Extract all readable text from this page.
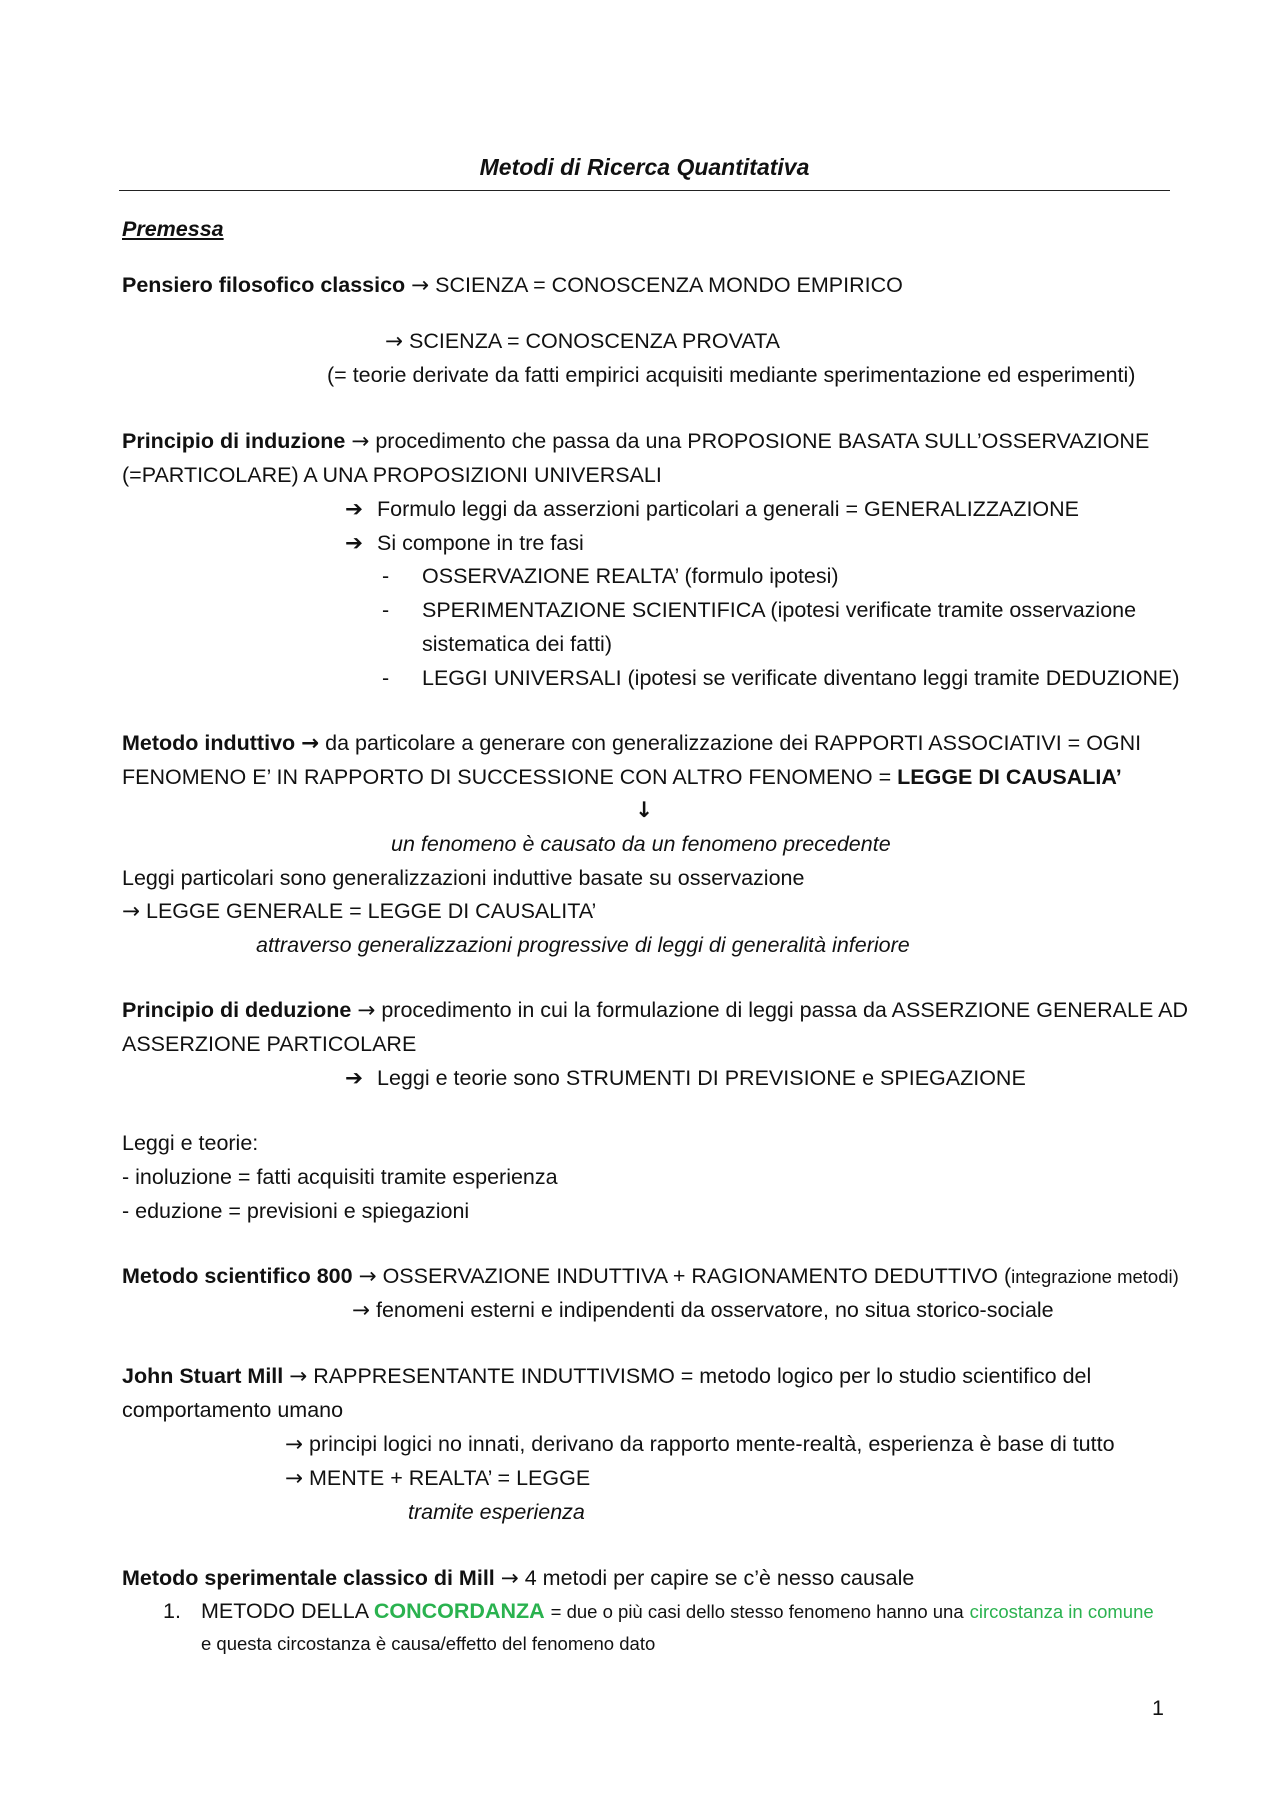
Metodi di Ricerca Quantitativa
Premessa
Pensiero filosofico classico → SCIENZA = CONOSCENZA MONDO EMPIRICO
→ SCIENZA = CONOSCENZA PROVATA
(= teorie derivate da fatti empirici acquisiti mediante sperimentazione ed esperimenti)
Principio di induzione → procedimento che passa da una PROPOSIONE BASATA SULL’OSSERVAZIONE
(=PARTICOLARE) A UNA PROPOSIZIONI UNIVERSALI
➔ Formulo leggi da asserzioni particolari a generali = GENERALIZZAZIONE
➔ Si compone in tre fasi
- OSSERVAZIONE REALTA’ (formulo ipotesi)
- SPERIMENTAZIONE SCIENTIFICA (ipotesi verificate tramite osservazione
sistematica dei fatti)
- LEGGI UNIVERSALI (ipotesi se verificate diventano leggi tramite DEDUZIONE)
Metodo induttivo → da particolare a generare con generalizzazione dei RAPPORTI ASSOCIATIVI = OGNI
FENOMENO E’ IN RAPPORTO DI SUCCESSIONE CON ALTRO FENOMENO = LEGGE DI CAUSALIA’
↓
un fenomeno è causato da un fenomeno precedente
Leggi particolari sono generalizzazioni induttive basate su osservazione
→ LEGGE GENERALE = LEGGE DI CAUSALITA’
attraverso generalizzazioni progressive di leggi di generalità inferiore
Principio di deduzione → procedimento in cui la formulazione di leggi passa da ASSERZIONE GENERALE AD
ASSERZIONE PARTICOLARE
➔ Leggi e teorie sono STRUMENTI DI PREVISIONE e SPIEGAZIONE
Leggi e teorie:
- inoluzione = fatti acquisiti tramite esperienza
- eduzione = previsioni e spiegazioni
Metodo scientifico 800 → OSSERVAZIONE INDUTTIVA + RAGIONAMENTO DEDUTTIVO (integrazione metodi)
→ fenomeni esterni e indipendenti da osservatore, no situa storico-sociale
John Stuart Mill → RAPPRESENTANTE INDUTTIVISMO = metodo logico per lo studio scientifico del
comportamento umano
→ principi logici no innati, derivano da rapporto mente-realtà, esperienza è base di tutto
→ MENTE + REALTA’ = LEGGE
tramite esperienza
Metodo sperimentale classico di Mill → 4 metodi per capire se c’è nesso causale
1. METODO DELLA CONCORDANZA = due o più casi dello stesso fenomeno hanno una circostanza in comune
e questa circostanza è causa/effetto del fenomeno dato
1
